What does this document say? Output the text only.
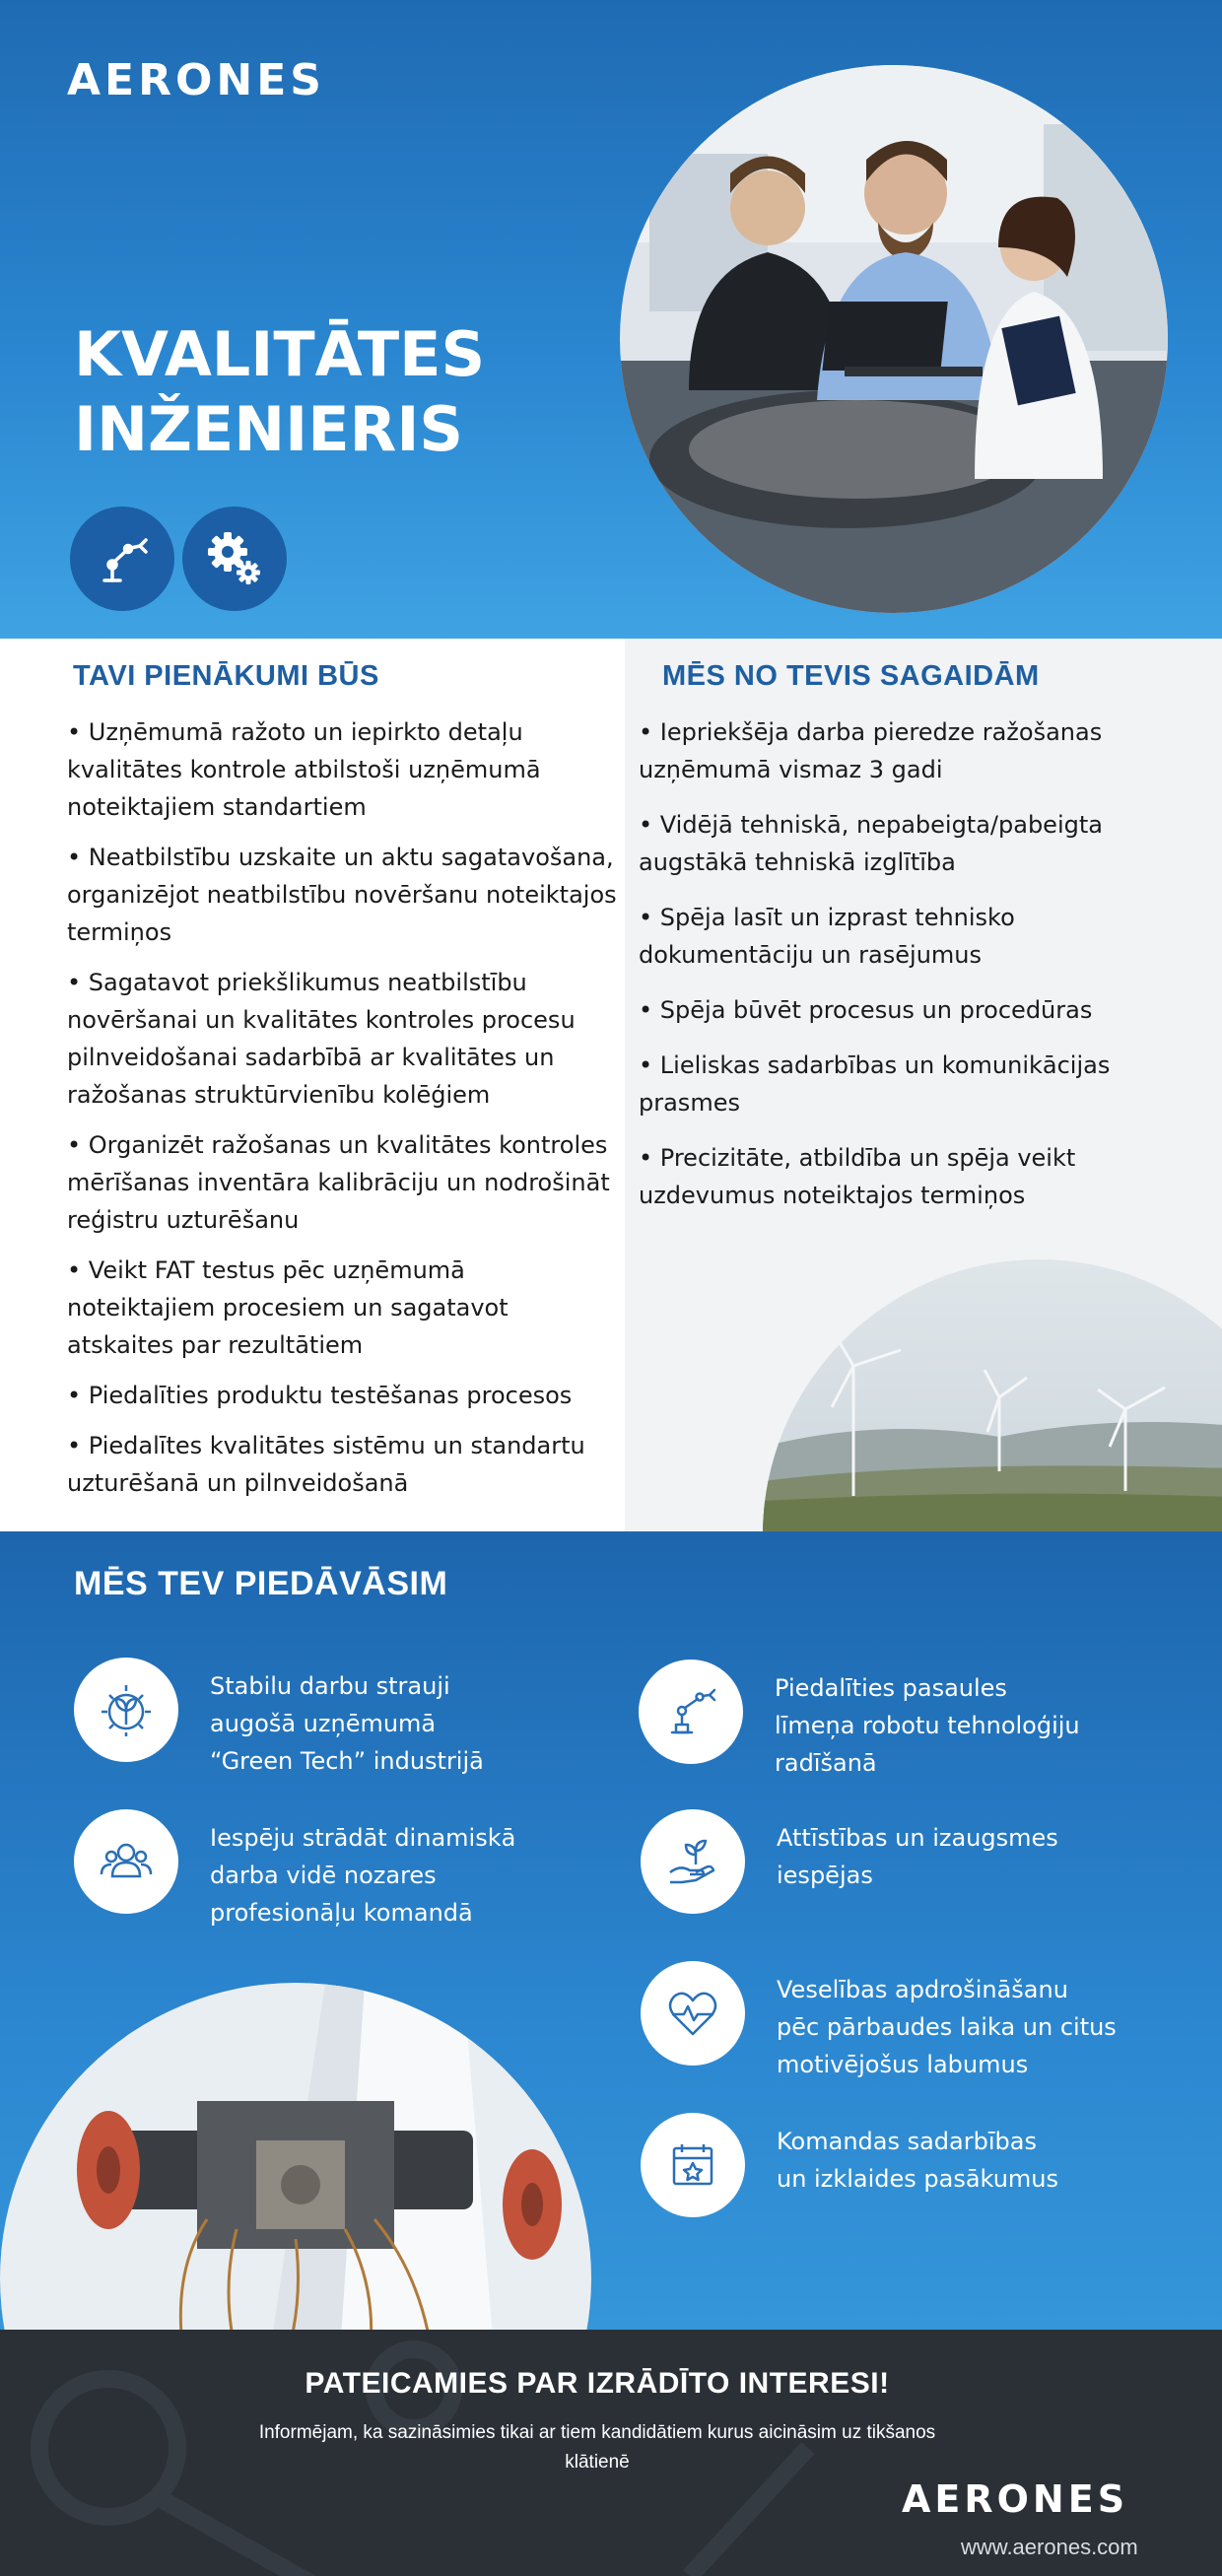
AERONES
KVALITĀTES
INŽENIERIS
TAVI PIENĀKUMI BŪS
• Uzņēmumā ražoto un iepirkto detaļu kvalitātes kontrole atbilstoši uzņēmumā noteiktajiem standartiem
• Neatbilstību uzskaite un aktu sagatavošana, organizējot neatbilstību novēršanu noteiktajos termiņos
• Sagatavot priekšlikumus neatbilstību novēršanai un kvalitātes kontroles procesu pilnveidošanai sadarbībā ar kvalitātes un ražošanas struktūrvienību kolēģiem
• Organizēt ražošanas un kvalitātes kontroles mērīšanas inventāra kalibrāciju un nodrošināt reģistru uzturēšanu
• Veikt FAT testus pēc uzņēmumā noteiktajiem procesiem un sagatavot atskaites par rezultātiem
• Piedalīties produktu testēšanas procesos
• Piedalītes kvalitātes sistēmu un standartu uzturēšanā un pilnveidošanā
MĒS NO TEVIS SAGAIDĀM
• Iepriekšēja darba pieredze ražošanas uzņēmumā vismaz 3 gadi
• Vidējā tehniskā, nepabeigta/pabeigta augstākā tehniskā izglītība
• Spēja lasīt un izprast tehnisko dokumentāciju un rasējumus
• Spēja būvēt procesus un procedūras
• Lieliskas sadarbības un komunikācijas prasmes
• Precizitāte, atbildība un spēja veikt uzdevumus noteiktajos termiņos
MĒS TEV PIEDĀVĀSIM
Stabilu darbu strauji
augošā uzņēmumā
“Green Tech” industrijā
Iespēju strādāt dinamiskā
darba vidē nozares
profesionāļu komandā
Piedalīties pasaules
līmeņa robotu tehnoloģiju
radīšanā
Attīstības un izaugsmes
iespējas
Veselības apdrošināšanu
pēc pārbaudes laika un citus
motivējošus labumus
Komandas sadarbības
un izklaides pasākumus
PATEICAMIES PAR IZRĀDĪTO INTERESI!

Informējam, ka sazināsimies tikai ar tiem kandidātiem kurus aicināsim uz tikšanos klātienē

AERONES
www.aerones.com
